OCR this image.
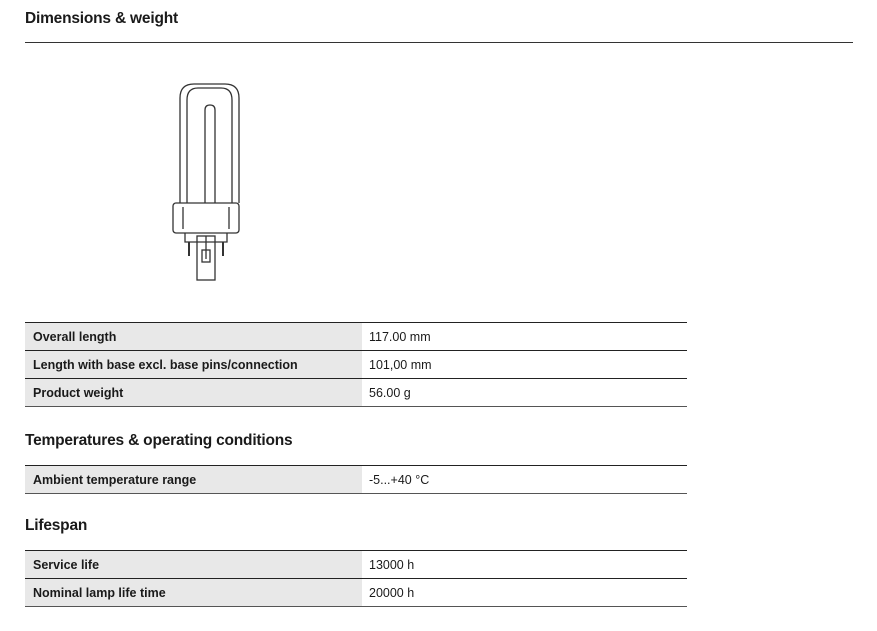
Dimensions & weight
Overall length	117.00 mm
Length with base excl. base pins/connection	101,00 mm
Product weight	56.00 g
Temperatures & operating conditions
Ambient temperature range	-5...+40 °C
Lifespan
Service life	13000 h
Nominal lamp life time	20000 h
